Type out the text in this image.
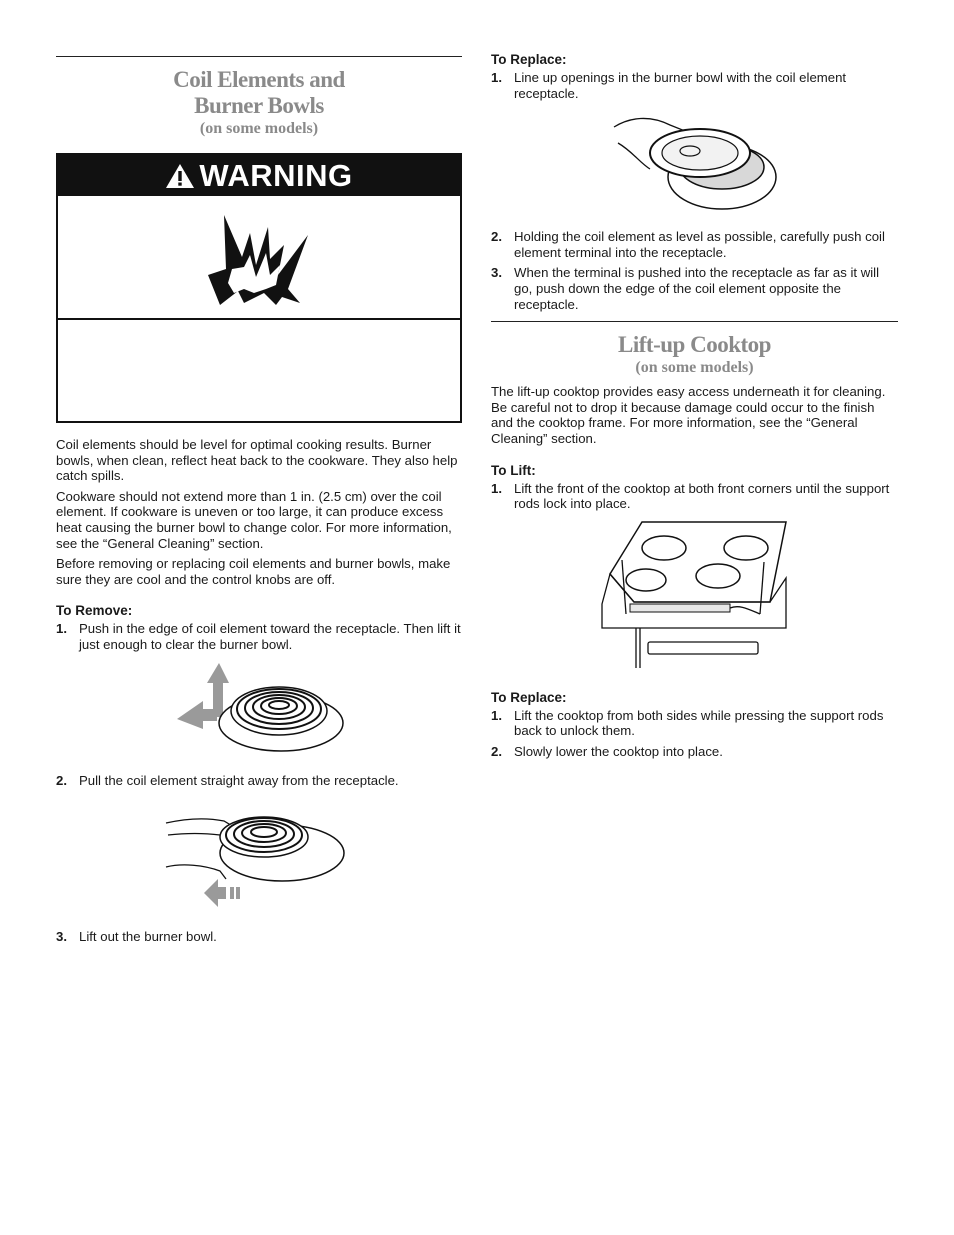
Coil Elements and

Burner Bowls

(on some models)

WARNING

Coil elements should be level for optimal cooking results. Burner bowls, when clean, reflect heat back to the cookware. They also help catch spills.

Cookware should not extend more than 1 in. (2.5 cm) over the coil element. If cookware is uneven or too large, it can produce excess heat causing the burner bowl to change color. For more information, see the “General Cleaning” section.

Before removing or replacing coil elements and burner bowls, make sure they are cool and the control knobs are off.

To Remove:
1. Push in the edge of coil element toward the receptacle. Then lift it just enough to clear the burner bowl.
2. Pull the coil element straight away from the receptacle.
3. Lift out the burner bowl.
To Replace:
1. Line up openings in the burner bowl with the coil element receptacle.
2. Holding the coil element as level as possible, carefully push coil element terminal into the receptacle.
3. When the terminal is pushed into the receptacle as far as it will go, push down the edge of the coil element opposite the receptacle.

Lift-up Cooktop

(on some models)

The lift-up cooktop provides easy access underneath it for cleaning. Be careful not to drop it because damage could occur to the finish and the cooktop frame. For more information, see the “General Cleaning” section.

To Lift:
1. Lift the front of the cooktop at both front corners until the support rods lock into place.
To Replace:
1. Lift the cooktop from both sides while pressing the support rods back to unlock them.
2. Slowly lower the cooktop into place.
